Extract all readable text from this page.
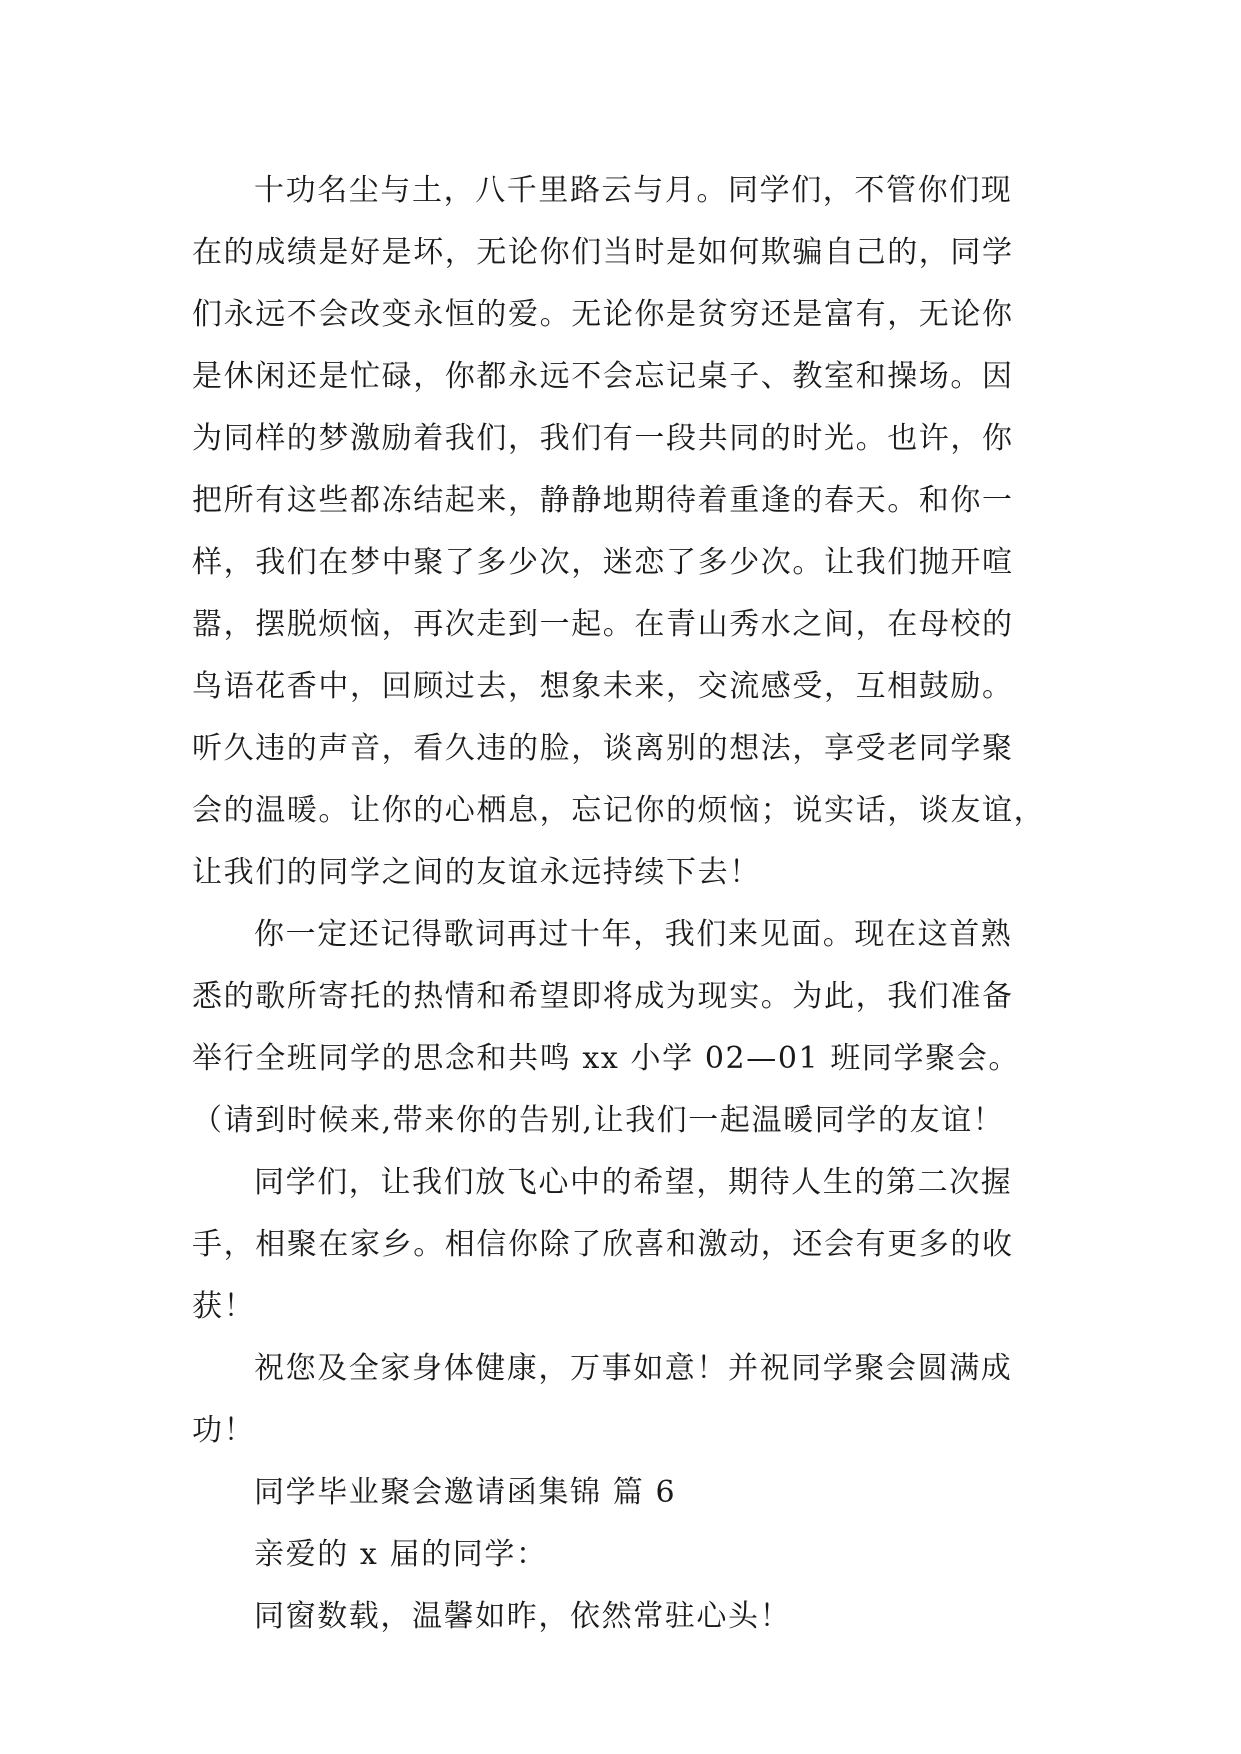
十功名尘与土，八千里路云与月。同学们，不管你们现
在的成绩是好是坏，无论你们当时是如何欺骗自己的，同学
们永远不会改变永恒的爱。无论你是贫穷还是富有，无论你
是休闲还是忙碌，你都永远不会忘记桌子、教室和操场。因
为同样的梦激励着我们，我们有一段共同的时光。也许，你
把所有这些都冻结起来，静静地期待着重逢的春天。和你一
样，我们在梦中聚了多少次，迷恋了多少次。让我们抛开喧
嚣，摆脱烦恼，再次走到一起。在青山秀水之间，在母校的
鸟语花香中，回顾过去，想象未来，交流感受，互相鼓励。
听久违的声音，看久违的脸，谈离别的想法，享受老同学聚
会的温暖。让你的心栖息，忘记你的烦恼；说实话，谈友谊，
让我们的同学之间的友谊永远持续下去！
你一定还记得歌词再过十年，我们来见面。现在这首熟
悉的歌所寄托的热情和希望即将成为现实。为此，我们准备
举行全班同学的思念和共鸣 xx 小学 02—01 班同学聚会。
（请到时候来,带来你的告别,让我们一起温暖同学的友谊！
同学们，让我们放飞心中的希望，期待人生的第二次握
手，相聚在家乡。相信你除了欣喜和激动，还会有更多的收
获！
祝您及全家身体健康，万事如意！并祝同学聚会圆满成
功！
同学毕业聚会邀请函集锦 篇 6
亲爱的 x 届的同学：
同窗数载，温馨如昨，依然常驻心头！
